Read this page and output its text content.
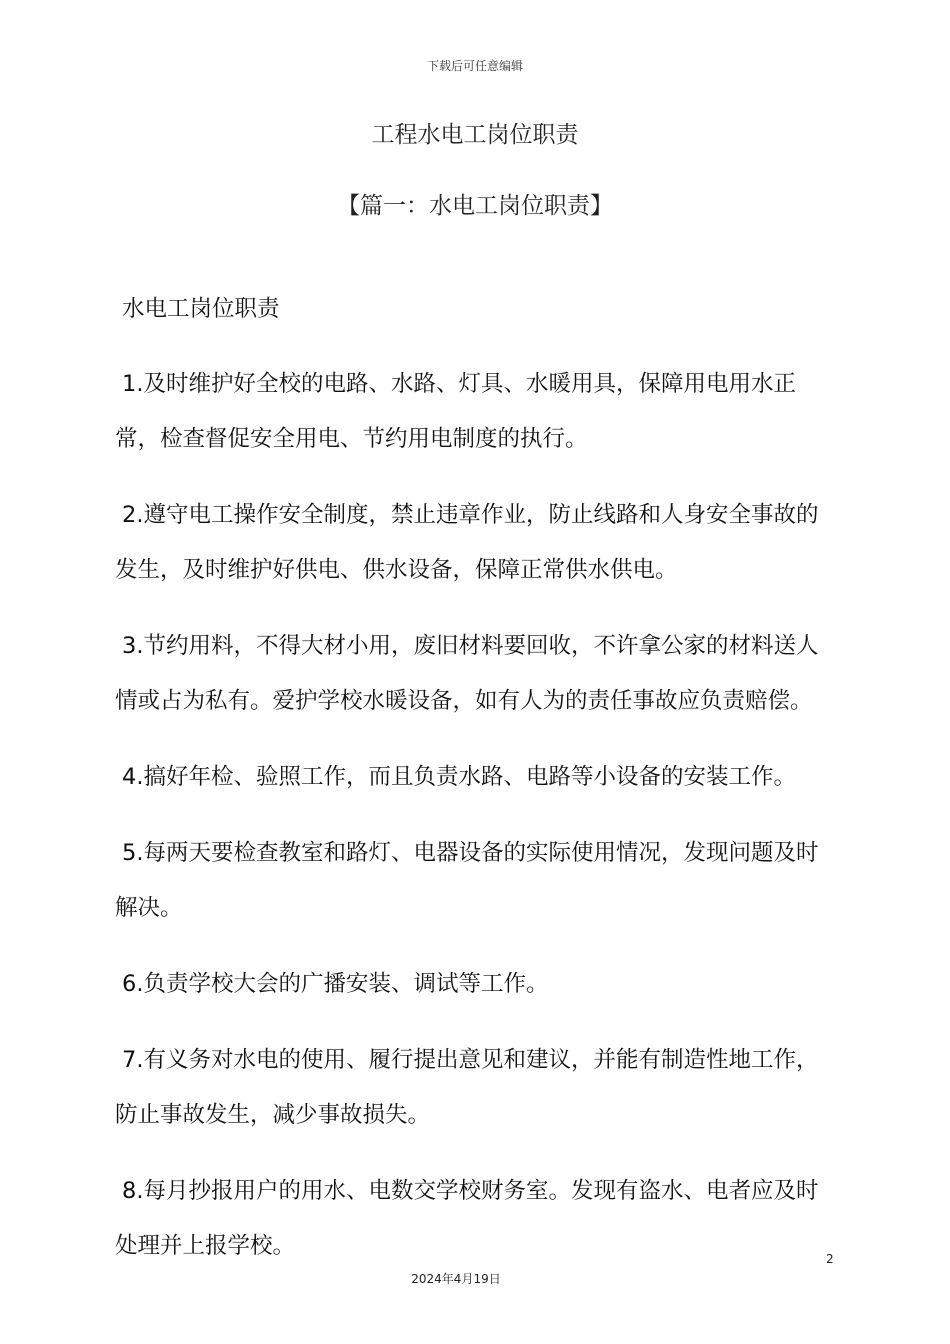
下载后可任意编辑
工程水电工岗位职责
【篇一：水电工岗位职责】
水电工岗位职责

1.及时维护好全校的电路、水路、灯具、水暖用具，保障用电用水正常，检查督促安全用电、节约用电制度的执行。

2.遵守电工操作安全制度，禁止违章作业，防止线路和人身安全事故的发生，及时维护好供电、供水设备，保障正常供水供电。

3.节约用料，不得大材小用，废旧材料要回收，不许拿公家的材料送人情或占为私有。爱护学校水暖设备，如有人为的责任事故应负责赔偿。

4.搞好年检、验照工作，而且负责水路、电路等小设备的安装工作。

5.每两天要检查教室和路灯、电器设备的实际使用情况，发现问题及时解决。

6.负责学校大会的广播安装、调试等工作。

7.有义务对水电的使用、履行提出意见和建议，并能有制造性地工作，防止事故发生，减少事故损失。

8.每月抄报用户的用水、电数交学校财务室。发现有盗水、电者应及时处理并上报学校。	2
2024年4月19日
